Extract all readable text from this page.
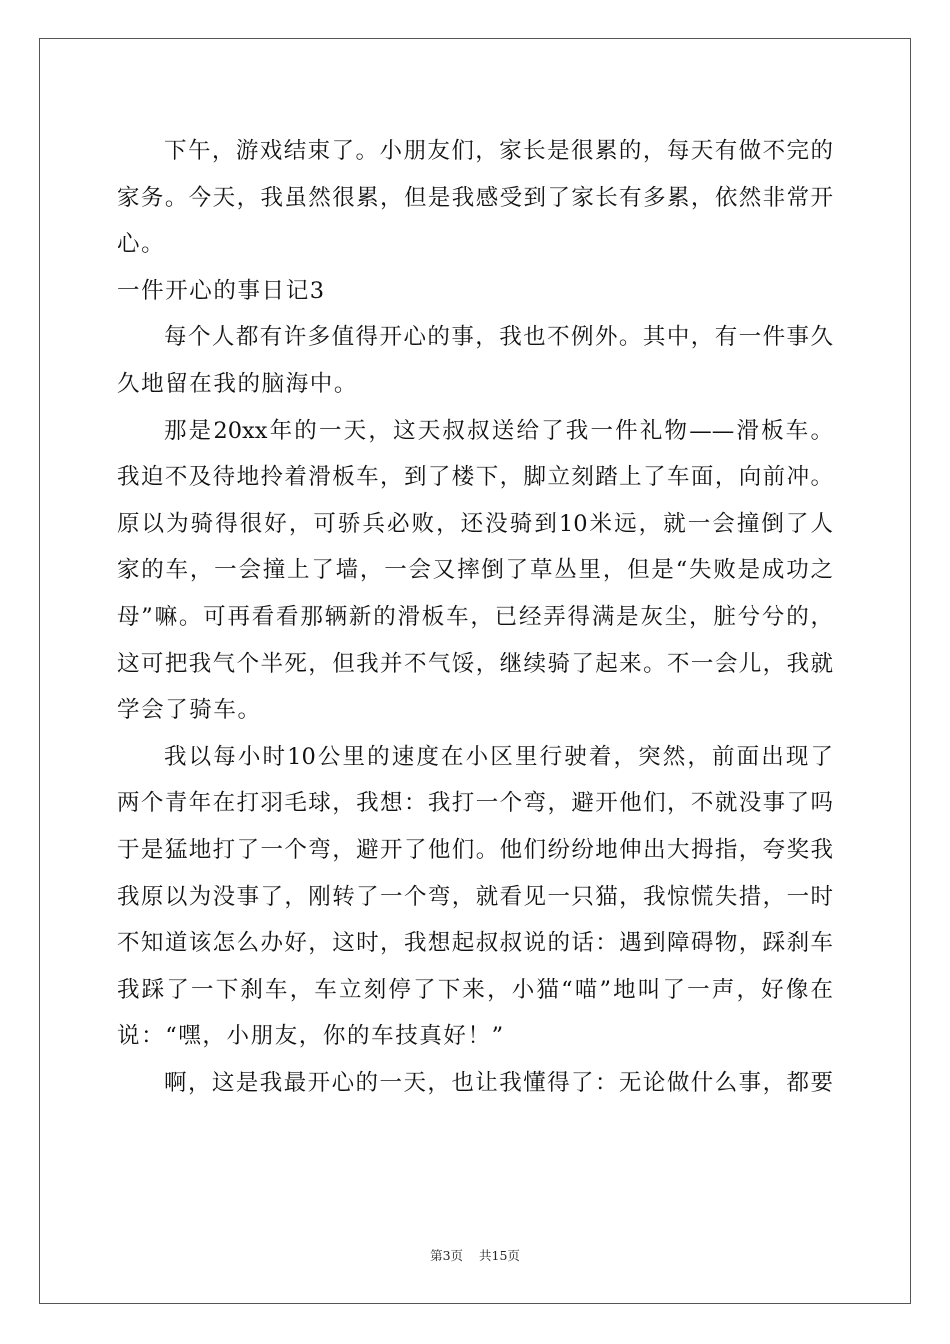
下午，游戏结束了。小朋友们，家长是很累的，每天有做不完的
家务。今天，我虽然很累，但是我感受到了家长有多累，依然非常开
心。
一件开心的事日记3
每个人都有许多值得开心的事，我也不例外。其中，有一件事久
久地留在我的脑海中。
那是20xx年的一天，这天叔叔送给了我一件礼物——滑板车。
我迫不及待地拎着滑板车，到了楼下，脚立刻踏上了车面，向前冲。
原以为骑得很好，可骄兵必败，还没骑到10米远，就一会撞倒了人
家的车，一会撞上了墙，一会又摔倒了草丛里，但是“失败是成功之
母”嘛。可再看看那辆新的滑板车，已经弄得满是灰尘，脏兮兮的，
这可把我气个半死，但我并不气馁，继续骑了起来。不一会儿，我就
学会了骑车。
我以每小时10公里的速度在小区里行驶着，突然，前面出现了
两个青年在打羽毛球，我想：我打一个弯，避开他们，不就没事了吗
于是猛地打了一个弯，避开了他们。他们纷纷地伸出大拇指，夸奖我
我原以为没事了，刚转了一个弯，就看见一只猫，我惊慌失措，一时
不知道该怎么办好，这时，我想起叔叔说的话：遇到障碍物，踩刹车
我踩了一下刹车，车立刻停了下来，小猫“喵”地叫了一声，好像在
说：“嘿，小朋友，你的车技真好！”
啊，这是我最开心的一天，也让我懂得了：无论做什么事，都要
第3页 共15页
